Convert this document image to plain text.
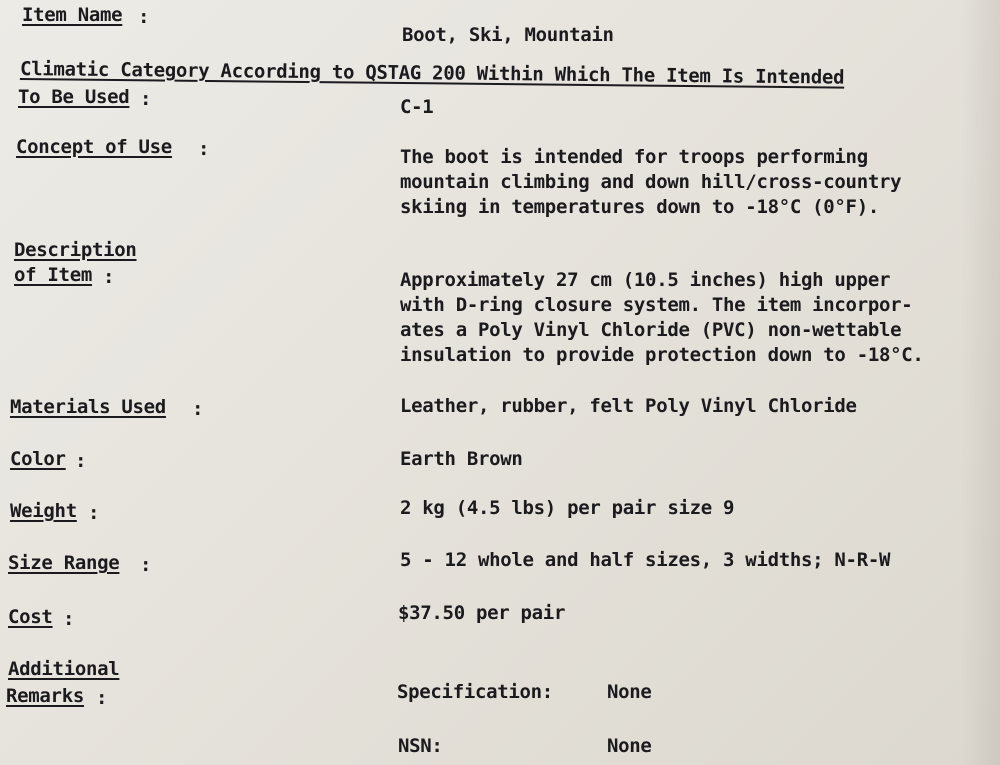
Item Name :
Boot, Ski, Mountain
Climatic Category According to QSTAG 200 Within Which The Item Is Intended
To Be Used :	C-1
Concept of Use :	The boot is intended for troops performing
mountain climbing and down hill/cross-country
skiing in temperatures down to -18°C (0°F).
Description
of Item :	Approximately 27 cm (10.5 inches) high upper
with D-ring closure system. The item incorpor-
ates a Poly Vinyl Chloride (PVC) non-wettable
insulation to provide protection down to -18°C.
Materials Used :	Leather, rubber, felt Poly Vinyl Chloride
Color :	Earth Brown
Weight :	2 kg (4.5 lbs) per pair size 9
Size Range :	5 - 12 whole and half sizes, 3 widths; N-R-W
Cost :	$37.50 per pair
Additional
Remarks :	Specification:	None
NSN:	None
